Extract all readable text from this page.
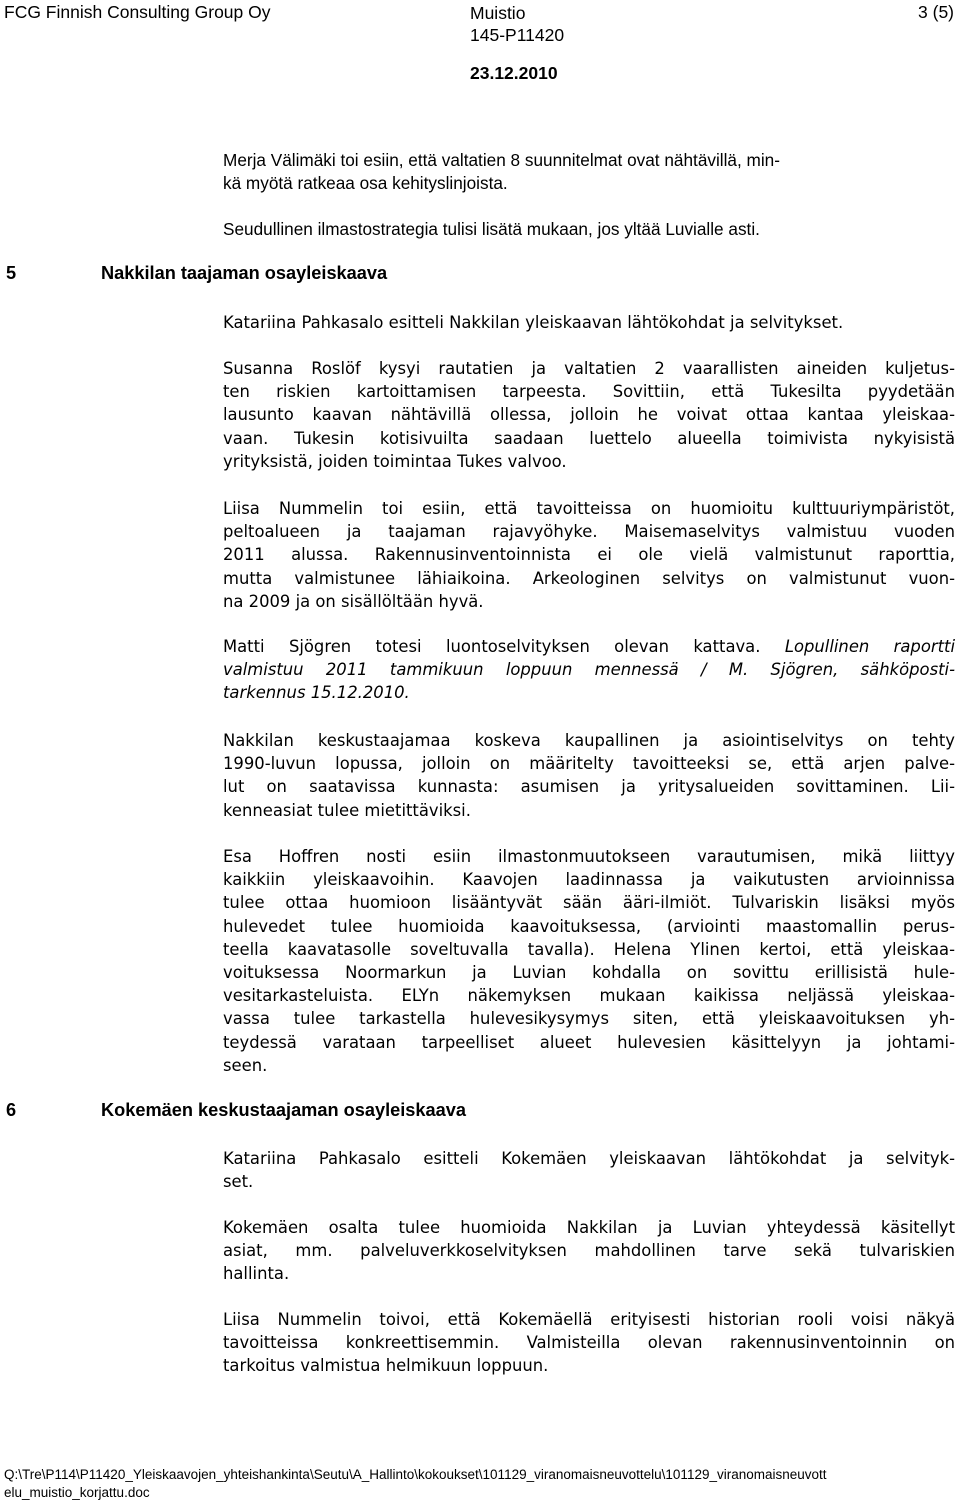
FCG Finnish Consulting Group Oy	Muistio
145-P11420
23.12.2010
3 (5)

Merja Välimäki toi esiin, että valtatien 8 suunnitelmat ovat nähtävillä, min-
kä myötä ratkeaa osa kehityslinjoista.

Seudullinen ilmastostrategia tulisi lisätä mukaan, jos yltää Luvialle asti.

5	Nakkilan taajaman osayleiskaava

Katariina Pahkasalo esitteli Nakkilan yleiskaavan lähtökohdat ja selvitykset.

Susanna Roslöf kysyi rautatien ja valtatien 2 vaarallisten aineiden kuljetus-
ten riskien kartoittamisen tarpeesta. Sovittiin, että Tukesilta pyydetään
lausunto kaavan nähtävillä ollessa, jolloin he voivat ottaa kantaa yleiskaa-
vaan. Tukesin kotisivuilta saadaan luettelo alueella toimivista nykyisistä
yrityksistä, joiden toimintaa Tukes valvoo.

Liisa Nummelin toi esiin, että tavoitteissa on huomioitu kulttuuriympäristöt,
peltoalueen ja taajaman rajavyöhyke. Maisemaselvitys valmistuu vuoden
2011 alussa. Rakennusinventoinnista ei ole vielä valmistunut raporttia,
mutta valmistunee lähiaikoina. Arkeologinen selvitys on valmistunut vuon-
na 2009 ja on sisällöltään hyvä.

Matti Sjögren totesi luontoselvityksen olevan kattava. Lopullinen raportti
valmistuu 2011 tammikuun loppuun mennessä / M. Sjögren, sähköposti-
tarkennus 15.12.2010.

Nakkilan keskustaajamaa koskeva kaupallinen ja asiointiselvitys on tehty
1990-luvun lopussa, jolloin on määritelty tavoitteeksi se, että arjen palve-
lut on saatavissa kunnasta: asumisen ja yritysalueiden sovittaminen. Lii-
kenneasiat tulee mietittäviksi.

Esa Hoffren nosti esiin ilmastonmuutokseen varautumisen, mikä liittyy
kaikkiin yleiskaavoihin. Kaavojen laadinnassa ja vaikutusten arvioinnissa
tulee ottaa huomioon lisääntyvät sään ääri-ilmiöt. Tulvariskin lisäksi myös
hulevedet tulee huomioida kaavoituksessa, (arviointi maastomallin perus-
teella kaavatasolle soveltuvalla tavalla). Helena Ylinen kertoi, että yleiskaa-
voituksessa Noormarkun ja Luvian kohdalla on sovittu erillisistä hule-
vesitarkasteluista. ELYn näkemyksen mukaan kaikissa neljässä yleiskaa-
vassa tulee tarkastella hulevesikysymys siten, että yleiskaavoituksen yh-
teydessä varataan tarpeelliset alueet hulevesien käsittelyyn ja johtami-
seen.

6	Kokemäen keskustaajaman osayleiskaava

Katariina Pahkasalo esitteli Kokemäen yleiskaavan lähtökohdat ja selvityk-
set.

Kokemäen osalta tulee huomioida Nakkilan ja Luvian yhteydessä käsitellyt
asiat, mm. palveluverkkoselvityksen mahdollinen tarve sekä tulvariskien
hallinta.

Liisa Nummelin toivoi, että Kokemäellä erityisesti historian rooli voisi näkyä
tavoitteissa konkreettisemmin. Valmisteilla olevan rakennusinventoinnin on
tarkoitus valmistua helmikuun loppuun.

Q:\Tre\P114\P11420_Yleiskaavojen_yhteishankinta\Seutu\A_Hallinto\kokoukset\101129_viranomaisneuvottelu\101129_viranomaisneuvott
elu_muistio_korjattu.doc
